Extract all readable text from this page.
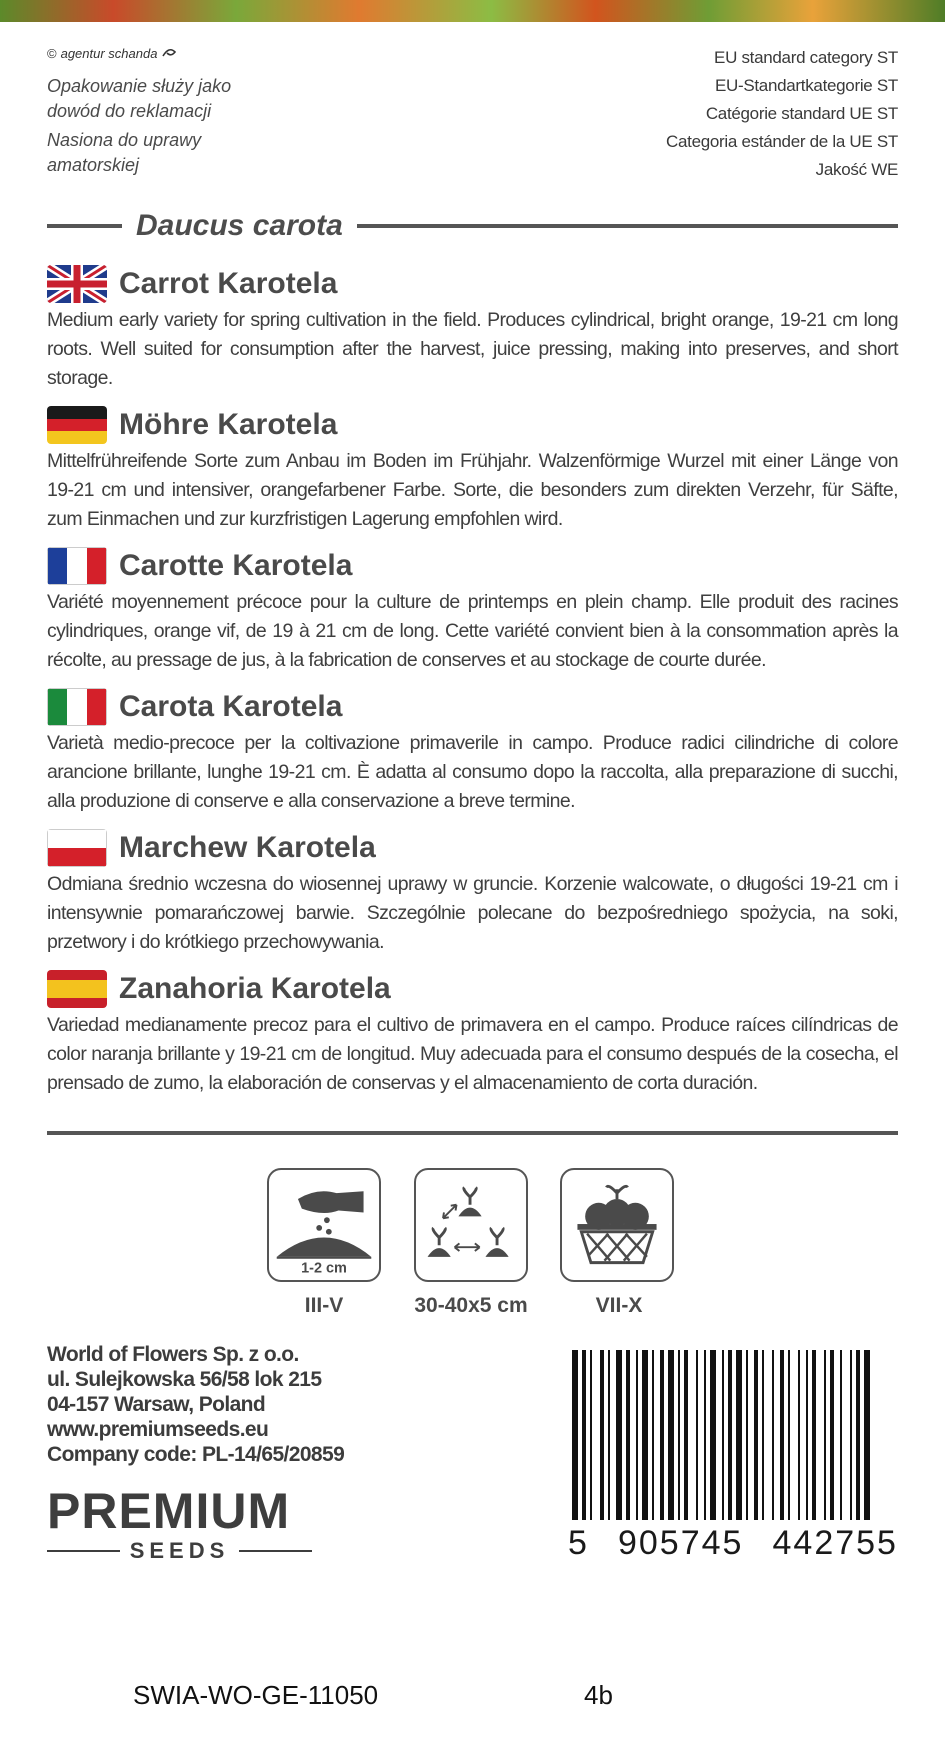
© agentur schanda

Opakowanie służy jako dowód do reklamacji

Nasiona do uprawy amatorskiej

EU standard category ST
EU-Standartkategorie ST
Catégorie standard UE ST
Categoria estánder de la UE ST
Jakość WE
Daucus carota
Carrot Karotela

Medium early variety for spring cultivation in the field. Produces cylindrical, bright orange, 19-21 cm long roots. Well suited for consumption after the harvest, juice pressing, making into preserves, and short storage.

Möhre Karotela

Mittelfrühreifende Sorte zum Anbau im Boden im Frühjahr. Walzenförmige Wurzel mit einer Länge von 19-21 cm und intensiver, orangefarbener Farbe. Sorte, die besonders zum direkten Verzehr, für Säfte, zum Einmachen und zur kurzfristigen Lagerung empfohlen wird.

Carotte Karotela

Variété moyennement précoce pour la culture de printemps en plein champ. Elle produit des racines cylindriques, orange vif, de 19 à 21 cm de long. Cette variété convient bien à la consommation après la récolte, au pressage de jus, à la fabrication de conserves et au stockage de courte durée.

Carota Karotela

Varietà medio-precoce per la coltivazione primaverile in campo. Produce radici cilindriche di colore arancione brillante, lunghe 19-21 cm. È adatta al consumo dopo la raccolta, alla preparazione di succhi, alla produzione di conserve e alla conservazione a breve termine.

Marchew Karotela

Odmiana średnio wczesna do wiosennej uprawy w gruncie. Korzenie walcowate, o długości 19-21 cm i intensywnie pomarańczowej barwie. Szczególnie polecane do bezpośredniego spożycia, na soki, przetwory i do krótkiego przechowywania.

Zanahoria Karotela

Variedad medianamente precoz para el cultivo de primavera en el campo. Produce raíces cilíndricas de color naranja brillante y 19-21 cm de longitud. Muy adecuada para el consumo después de la cosecha, el prensado de zumo, la elaboración de conservas y el almacenamiento de corta duración.

1-2 cm
III-V	30-40x5 cm	VII-X
World of Flowers Sp. z o.o.
ul. Sulejkowska 56/58 lok 215
04-157 Warsaw, Poland
www.premiumseeds.eu
Company code: PL-14/65/20859
PREMIUM
SEEDS	5 905745 442755
SWIA-WO-GE-11050	4b
